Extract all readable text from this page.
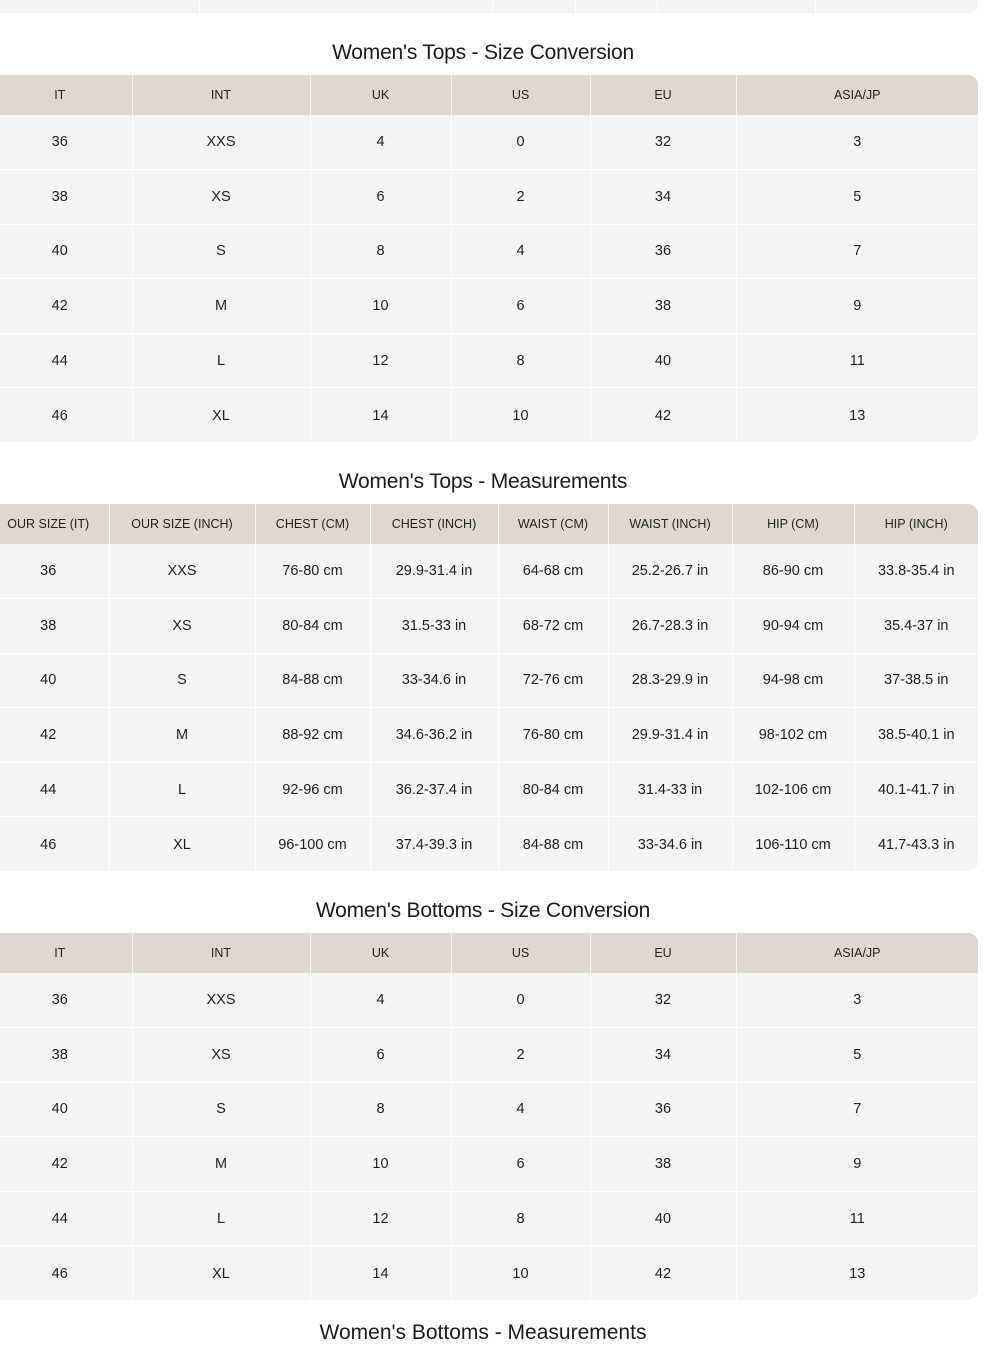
Women's Tops - Size Conversion
IT	INT	UK	US	EU	ASIA/JP
36	XXS	4	0	32	3
38	XS	6	2	34	5
40	S	8	4	36	7
42	M	10	6	38	9
44	L	12	8	40	11
46	XL	14	10	42	13
Women's Tops - Measurements
OUR SIZE (IT)	OUR SIZE (INCH)	CHEST (CM)	CHEST (INCH)	WAIST (CM)	WAIST (INCH)	HIP (CM)	HIP (INCH)
36	XXS	76-80 cm	29.9-31.4 in	64-68 cm	25.2-26.7 in	86-90 cm	33.8-35.4 in
38	XS	80-84 cm	31.5-33 in	68-72 cm	26.7-28.3 in	90-94 cm	35.4-37 in
40	S	84-88 cm	33-34.6 in	72-76 cm	28.3-29.9 in	94-98 cm	37-38.5 in
42	M	88-92 cm	34.6-36.2 in	76-80 cm	29.9-31.4 in	98-102 cm	38.5-40.1 in
44	L	92-96 cm	36.2-37.4 in	80-84 cm	31.4-33 in	102-106 cm	40.1-41.7 in
46	XL	96-100 cm	37.4-39.3 in	84-88 cm	33-34.6 in	106-110 cm	41.7-43.3 in
Women's Bottoms - Size Conversion
IT	INT	UK	US	EU	ASIA/JP
36	XXS	4	0	32	3
38	XS	6	2	34	5
40	S	8	4	36	7
42	M	10	6	38	9
44	L	12	8	40	11
46	XL	14	10	42	13
Women's Bottoms - Measurements
